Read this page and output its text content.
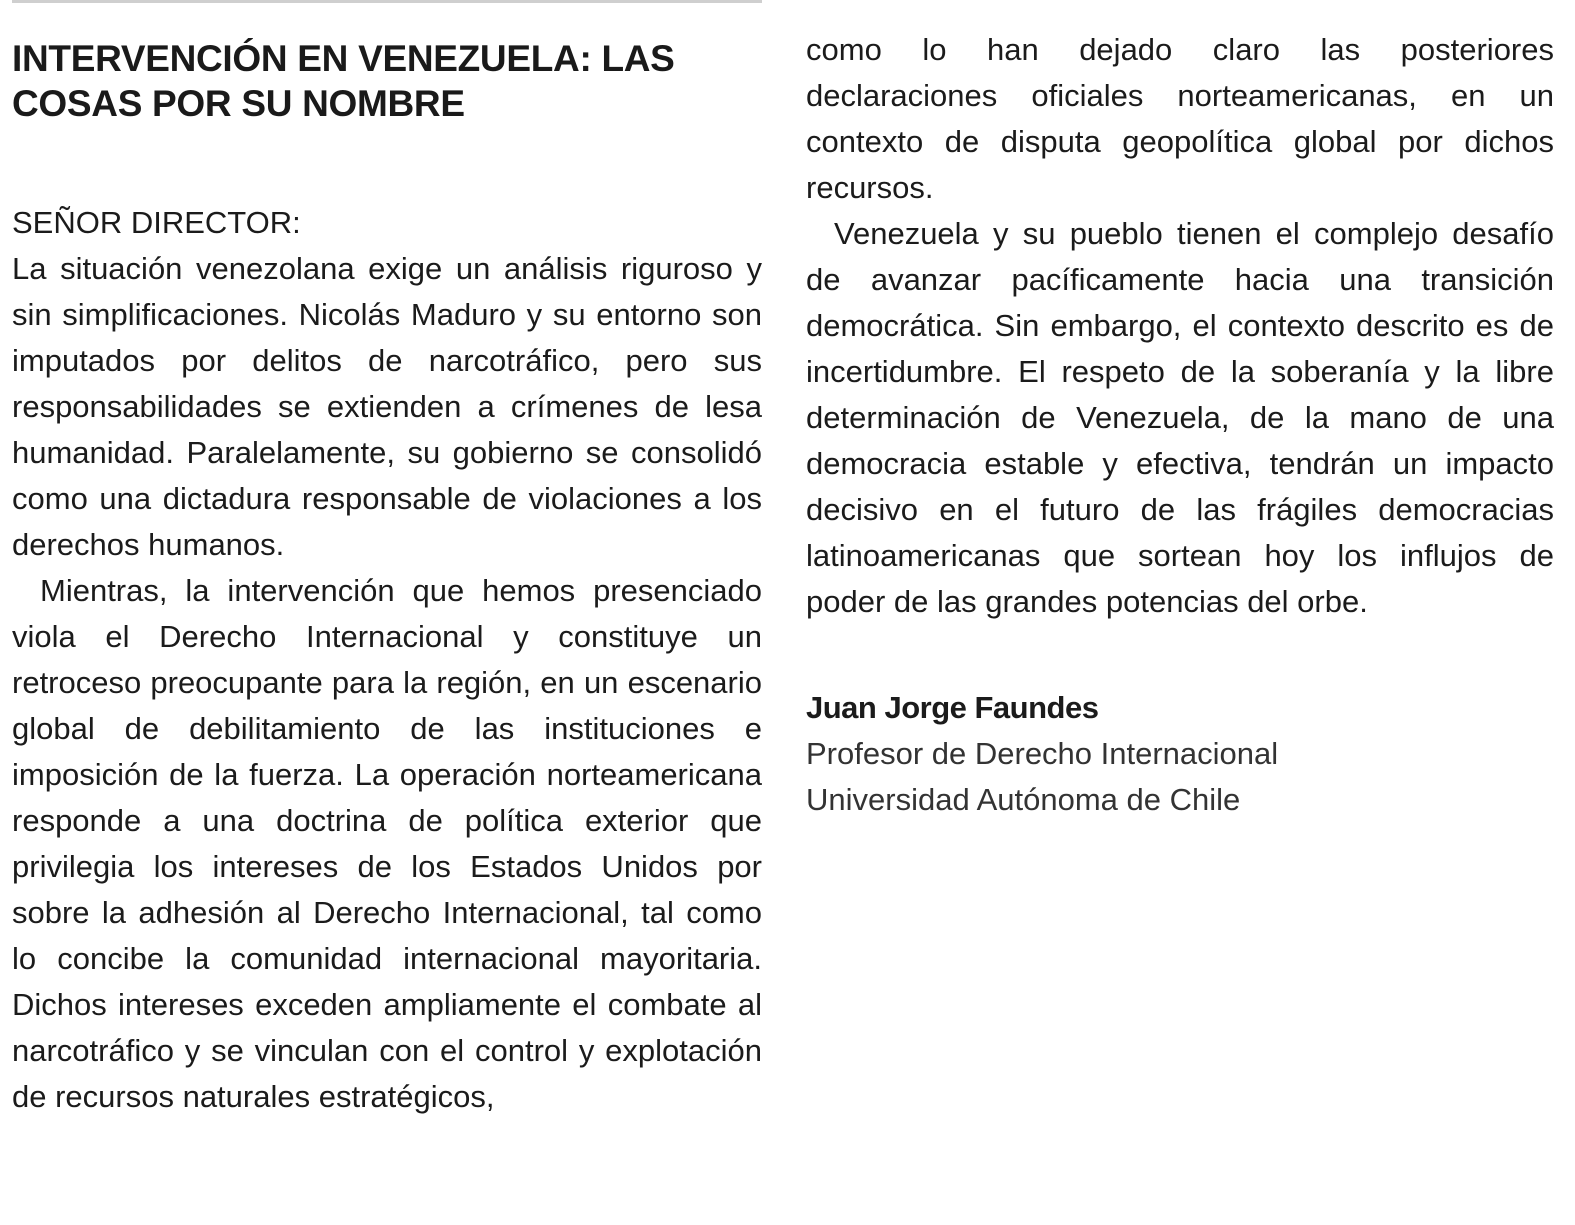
INTERVENCIÓN EN VENEZUELA: LAS COSAS POR SU NOMBRE

SEÑOR DIRECTOR:

La situación venezolana exige un análisis riguroso y sin simplificaciones. Nicolás Maduro y su entorno son imputados por delitos de narcotráfico, pero sus responsabilidades se extienden a crímenes de lesa humanidad. Paralelamente, su gobierno se consolidó como una dictadura responsable de violaciones a los derechos humanos.

Mientras, la intervención que hemos presenciado viola el Derecho Internacional y constituye un retroceso preocupante para la región, en un escenario global de debilitamiento de las instituciones e imposición de la fuerza. La operación norteamericana responde a una doctrina de política exterior que privilegia los intereses de los Estados Unidos por sobre la adhesión al Derecho Internacional, tal como lo concibe la comunidad internacional mayoritaria. Dichos intereses exceden ampliamente el combate al narcotráfico y se vinculan con el control y explotación de recursos naturales estratégicos,

como lo han dejado claro las posteriores declaraciones oficiales norteamericanas, en un contexto de disputa geopolítica global por dichos recursos.

Venezuela y su pueblo tienen el complejo desafío de avanzar pacíficamente hacia una transición democrática. Sin embargo, el contexto descrito es de incertidumbre. El respeto de la soberanía y la libre determinación de Venezuela, de la mano de una democracia estable y efectiva, tendrán un impacto decisivo en el futuro de las frágiles democracias latinoamericanas que sortean hoy los influjos de poder de las grandes potencias del orbe.

Juan Jorge Faundes

Profesor de Derecho Internacional

Universidad Autónoma de Chile
